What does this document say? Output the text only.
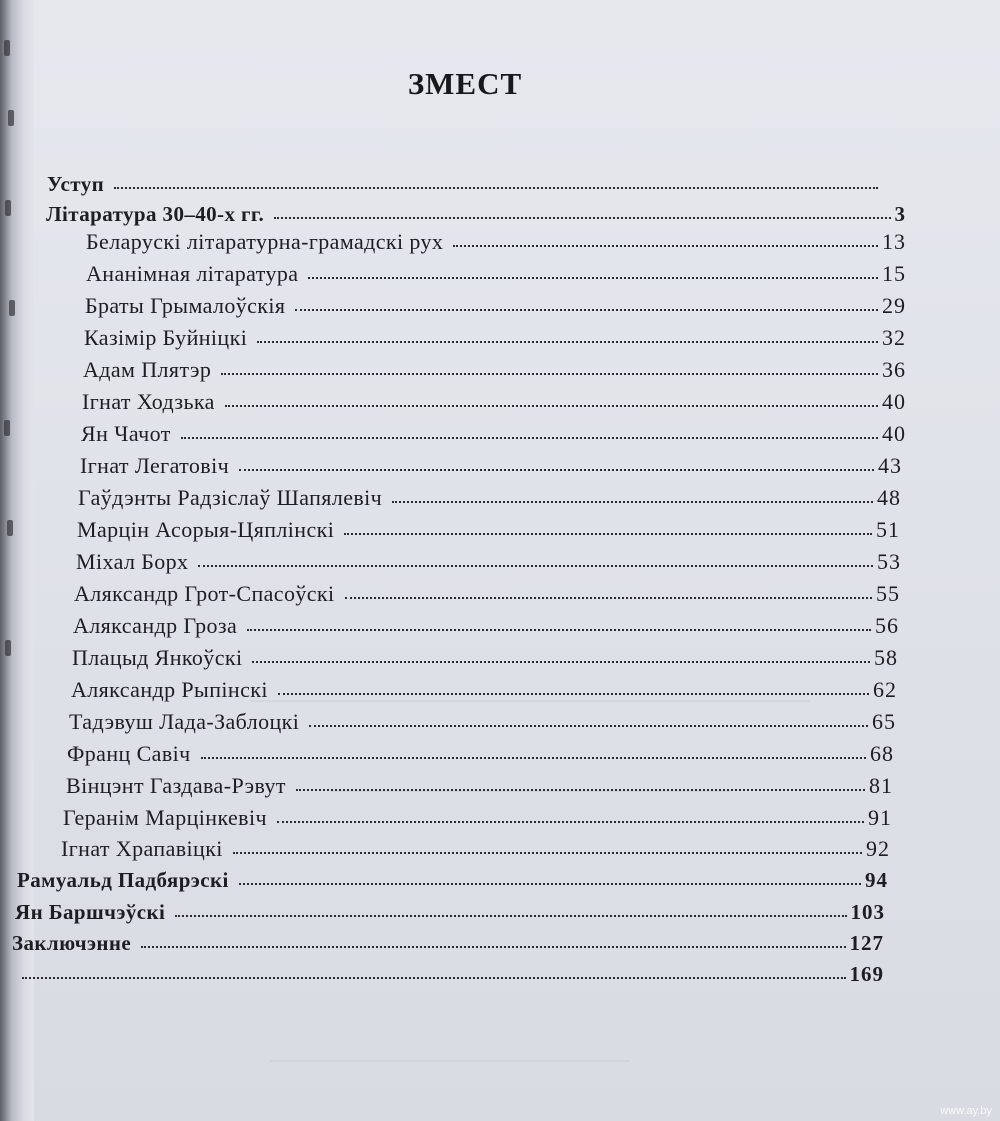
ЗМЕСТ
Уступ
Літаратура 30–40-х гг.	3
Беларускі літаратурна-грамадскі рух	13
Ананімная літаратура	15
Браты Грымалоўскія	29
Казімір Буйніцкі	32
Адам Плятэр	36
Ігнат Ходзька	40
Ян Чачот	40
Ігнат Легатовіч	43
Гаўдэнты Радзіслаў Шапялевіч	48
Марцін Асорыя-Цяплінскі	51
Міхал Борх	53
Аляксандр Грот-Спасоўскі	55
Аляксандр Гроза	56
Плацыд Янкоўскі	58
Аляксандр Рыпінскі	62
Тадэвуш Лада-Заблоцкі	65
Франц Савіч	68
Вінцэнт Газдава-Рэвут	81
Геранім Марцінкевіч	91
Ігнат Храпавіцкі	92
Рамуальд Падбярэскі	94
Ян Баршчэўскі	103
Заключэнне	127
169
www.ay.by
